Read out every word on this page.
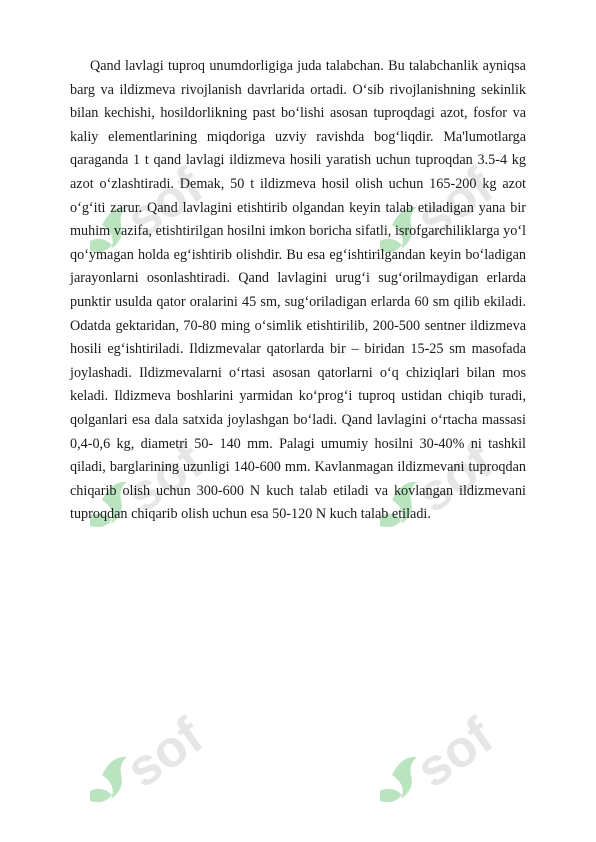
sof	sof
sof	sof
sof	sof

Qand lavlagi tuproq unumdorligiga juda talabchan. Bu talabchanlik ayniqsa barg va ildizmeva rivojlanish davrlarida ortadi. O‘sib rivojlanishning sekinlik bilan kechishi, hosildorlikning past bo‘lishi asosan tuproqdagi azot, fosfor va kaliy elementlarining miqdoriga uzviy ravishda bog‘liqdir. Ma'lumotlarga qaraganda 1 t qand lavlagi ildizmeva hosili yaratish uchun tuproqdan 3.5-4 kg azot o‘zlashtiradi. Demak, 50 t ildizmeva hosil olish uchun 165-200 kg azot o‘g‘iti zarur. Qand lavlagini etishtirib olgandan keyin talab etiladigan yana bir muhim vazifa, etishtirilgan hosilni imkon boricha sifatli, isrofgarchiliklarga yo‘l qo‘ymagan holda eg‘ishtirib olishdir. Bu esa eg‘ishtirilgandan keyin bo‘ladigan jarayonlarni osonlashtiradi. Qand lavlagini urug‘i sug‘orilmaydigan erlarda punktir usulda qator oralarini 45 sm, sug‘oriladigan erlarda 60 sm qilib ekiladi. Odatda gektaridan, 70-80 ming o‘simlik etishtirilib, 200-500 sentner ildizmeva hosili eg‘ishtiriladi. Ildizmevalar qatorlarda bir – biridan 15-25 sm masofada joylashadi. Ildizmevalarni o‘rtasi asosan qatorlarni o‘q chiziqlari bilan mos keladi. Ildizmeva boshlarini yarmidan ko‘prog‘i tuproq ustidan chiqib turadi, qolganlari esa dala satxida joylashgan bo‘ladi. Qand lavlagini o‘rtacha massasi 0,4-0,6 kg, diametri 50- 140 mm. Palagi umumiy hosilni 30-40% ni tashkil qiladi, barglarining uzunligi 140-600 mm. Kavlanmagan ildizmevani tuproqdan chiqarib olish uchun 300-600 N kuch talab etiladi va kovlangan ildizmevani tuproqdan chiqarib olish uchun esa 50-120 N kuch talab etiladi.
